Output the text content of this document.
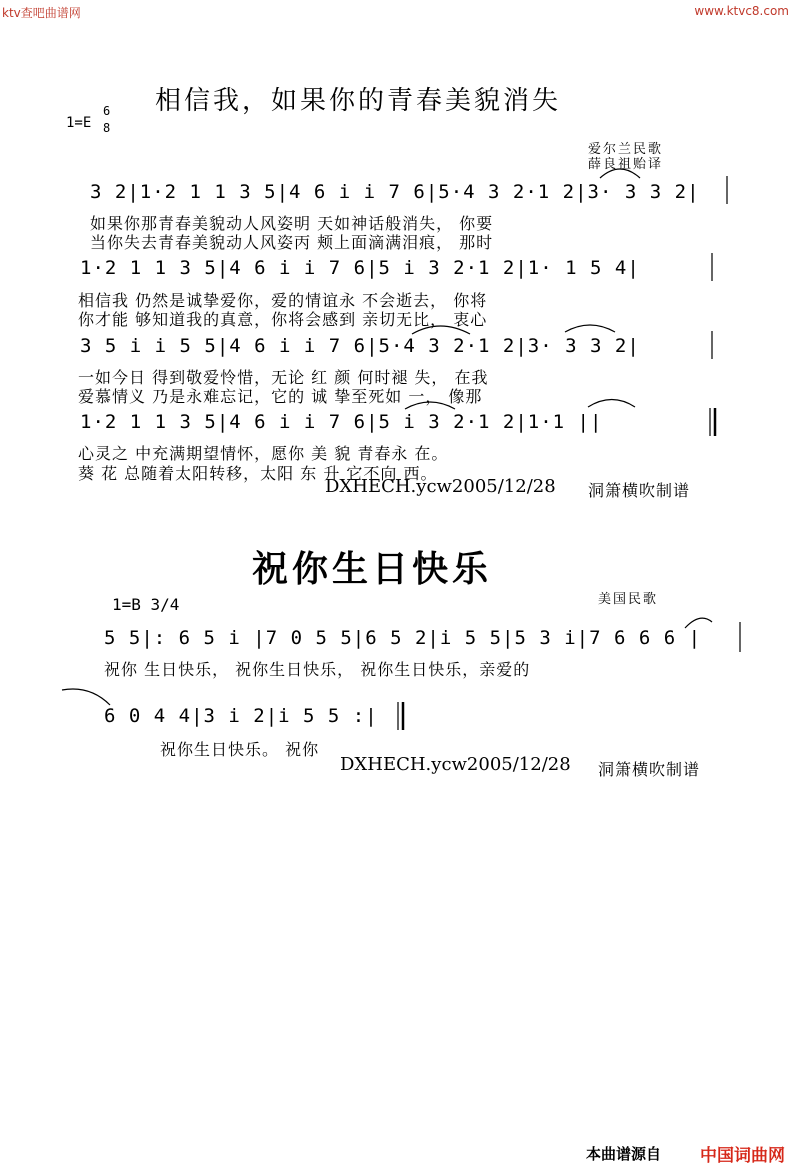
ktv查吧曲谱网	www.ktvc8.com
相信我，如果你的青春美貌消失
1=E
6
8
爱尔兰民歌
薛良祖贻译
3 2|1·2 1 1 3 5|4 6 i i 7 6|5·4 3 2·1 2|3· 3 3 2|
如果你那青春美貌动人风姿明 天如神话般消失， 你要
当你失去青春美貌动人风姿丙 颊上面滴满泪痕， 那时
1·2 1 1 3 5|4 6 i i 7 6|5 i 3 2·1 2|1· 1 5 4|
相信我 仍然是诚挚爱你，爱的情谊永 不会逝去， 你将
你才能 够知道我的真意，你将会感到 亲切无比， 衷心
3 5 i i 5 5|4 6 i i 7 6|5·4 3 2·1 2|3· 3 3 2|
一如今日 得到敬爱怜惜，无论 红 颜 何时褪 失， 在我
爱慕情义 乃是永难忘记，它的 诚 挚至死如 一， 像那
1·2 1 1 3 5|4 6 i i 7 6|5 i 3 2·1 2|1·1 ||
心灵之 中充满期望情怀，愿你 美 貌 青春永 在。
葵 花 总随着太阳转移，太阳 东 升 它不向 西。
DXHECH.ycw2005/12/28 洞箫横吹制谱
祝你生日快乐
1=B 3/4	美国民歌
5 5|: 6 5 i |7 0 5 5|6 5 2|i 5 5|5 3 i|7 6 6 6 |
祝你 生日快乐， 祝你生日快乐， 祝你生日快乐，亲爱的
6 0 4 4|3 i 2|i 5 5 :|
祝你生日快乐。 祝你
DXHECH.ycw2005/12/28 洞箫横吹制谱
本曲谱源自 中国词曲网
